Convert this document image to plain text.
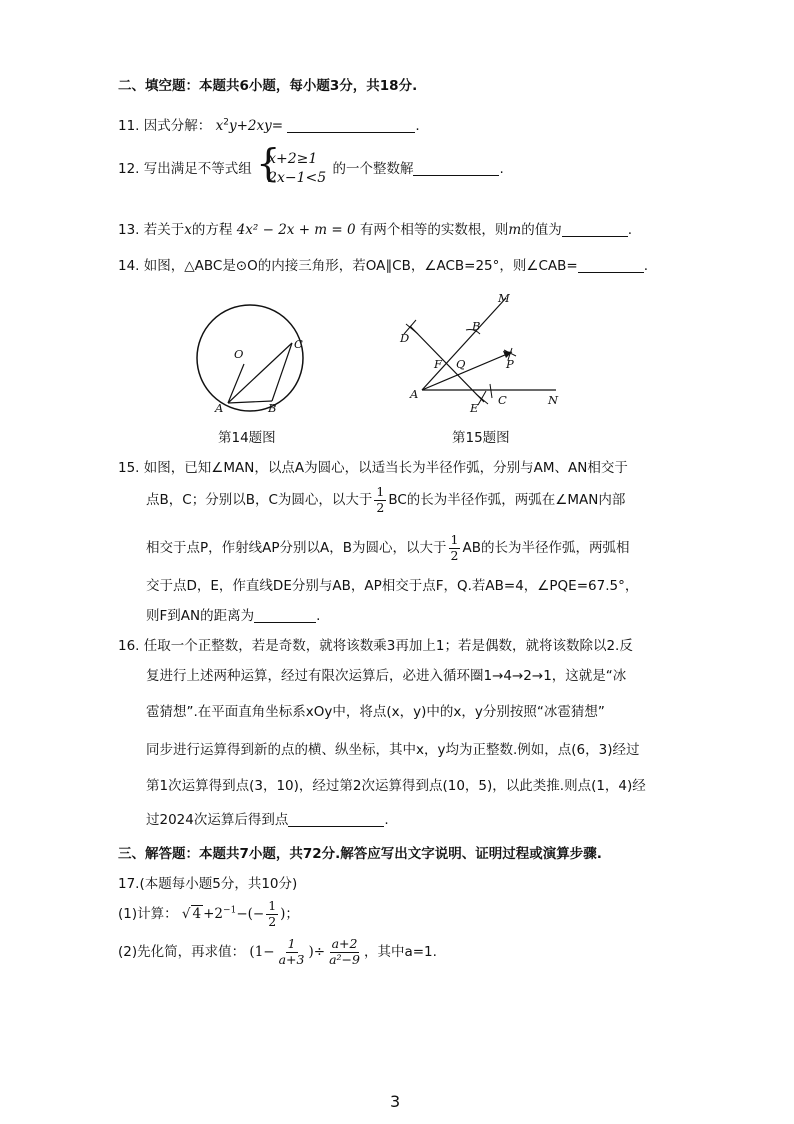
二、填空题：本题共6小题，每小题3分，共18分.
11. 因式分解： $x^2y+2xy=$	.
12. 写出满足不等式组 {
x+2≥1
2x−1<5
的一个整数解	.
13. 若关于x的方程 4x² − 2x + m = 0 有两个相等的实数根，则m的值为	.
14. 如图，△ABC是⊙O的内接三角形，若OA∥CB，∠ACB=25°，则∠CAB=	.
O
A	B
C
第14题图
M
B
D
F Q	P
A
E
C	N
第15题图
15. 如图，已知∠MAN，以点A为圆心，以适当长为半径作弧，分别与AM、AN相交于
点B，C；分别以B，C为圆心，以大于 $\frac{1}{2}$ BC的长为半径作弧，两弧在∠MAN内部
相交于点P，作射线AP分别以A，B为圆心，以大于 $\frac{1}{2}$ AB的长为半径作弧，两弧相
交于点D，E，作直线DE分别与AB，AP相交于点F，Q.若AB=4，∠PQE=67.5°，
则F到AN的距离为	.
16. 任取一个正整数，若是奇数，就将该数乘3再加上1；若是偶数，就将该数除以2.反
复进行上述两种运算，经过有限次运算后，必进入循环圈1→4→2→1，这就是“冰
雹猜想”.在平面直角坐标系xOy中，将点(x，y)中的x，y分别按照“冰雹猜想”
同步进行运算得到新的点的横、纵坐标，其中x，y均为正整数.例如，点(6，3)经过
第1次运算得到点(3，10)，经过第2次运算得到点(10，5)，以此类推.则点(1，4)经
过2024次运算后得到点	.
三、解答题：本题共7小题，共72分.解答应写出文字说明、证明过程或演算步骤.
17.(本题每小题5分，共10分)
(1)计算： √ $4 +2^{-1}-(- \frac{1}{2}$ )；
(2)先化简，再求值： ($1- \frac{1}{a+3}$ )÷ $\frac{a+2}{\text{a²−9}}$ ，其中a=1.
3
